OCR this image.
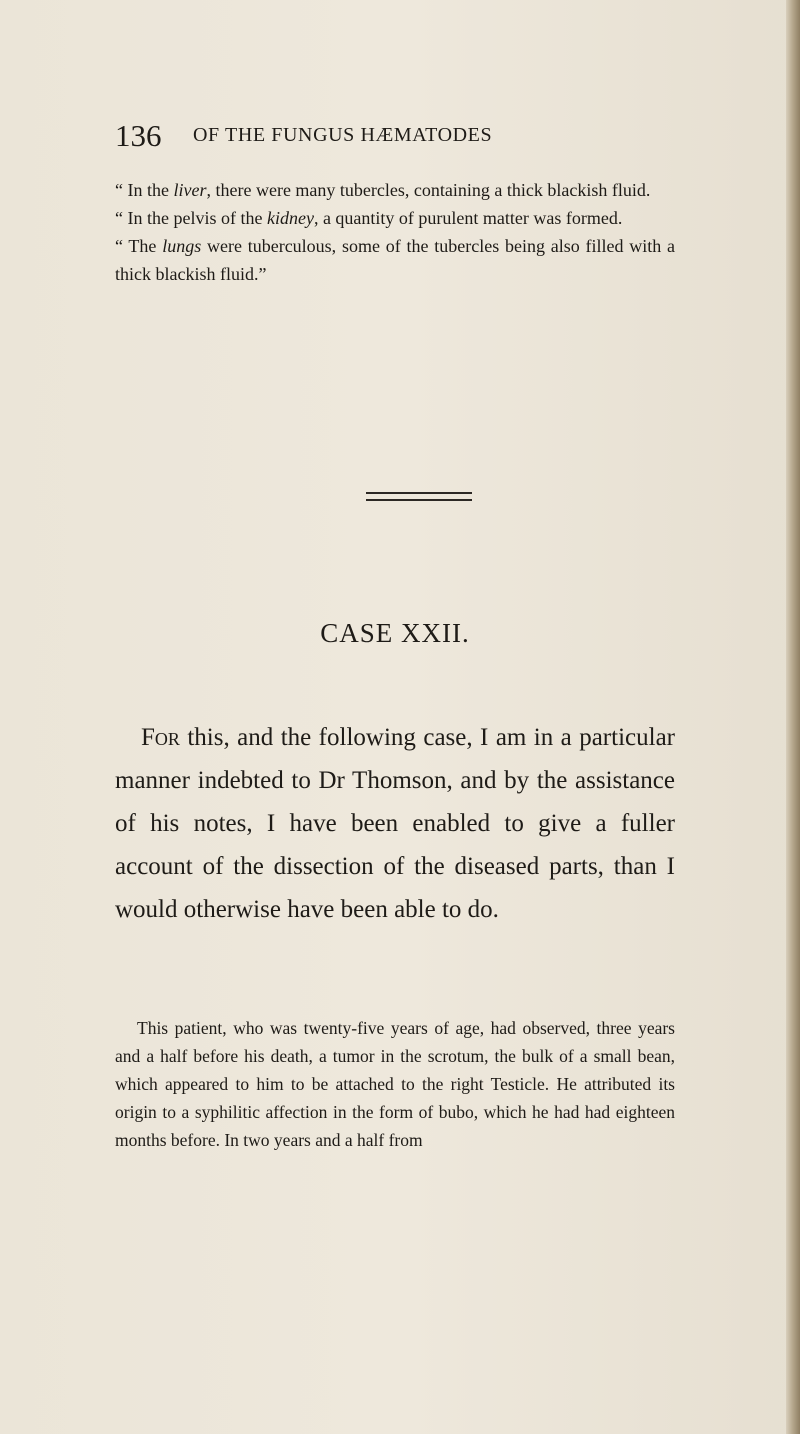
136 OF THE FUNGUS HÆMATODES

“ In the liver, there were many tubercles, containing a thick blackish fluid.

“ In the pelvis of the kidney, a quantity of purulent matter was formed.

“ The lungs were tuberculous, some of the tubercles being also filled with a thick blackish fluid.”

CASE XXII.

For this, and the following case, I am in a particular manner indebted to Dr Thomson, and by the assistance of his notes, I have been enabled to give a fuller account of the dissection of the diseased parts, than I would otherwise have been able to do.

This patient, who was twenty-five years of age, had observed, three years and a half before his death, a tumor in the scrotum, the bulk of a small bean, which appeared to him to be attached to the right Testicle. He attributed its origin to a syphilitic affection in the form of bubo, which he had had eighteen months before. In two years and a half from
